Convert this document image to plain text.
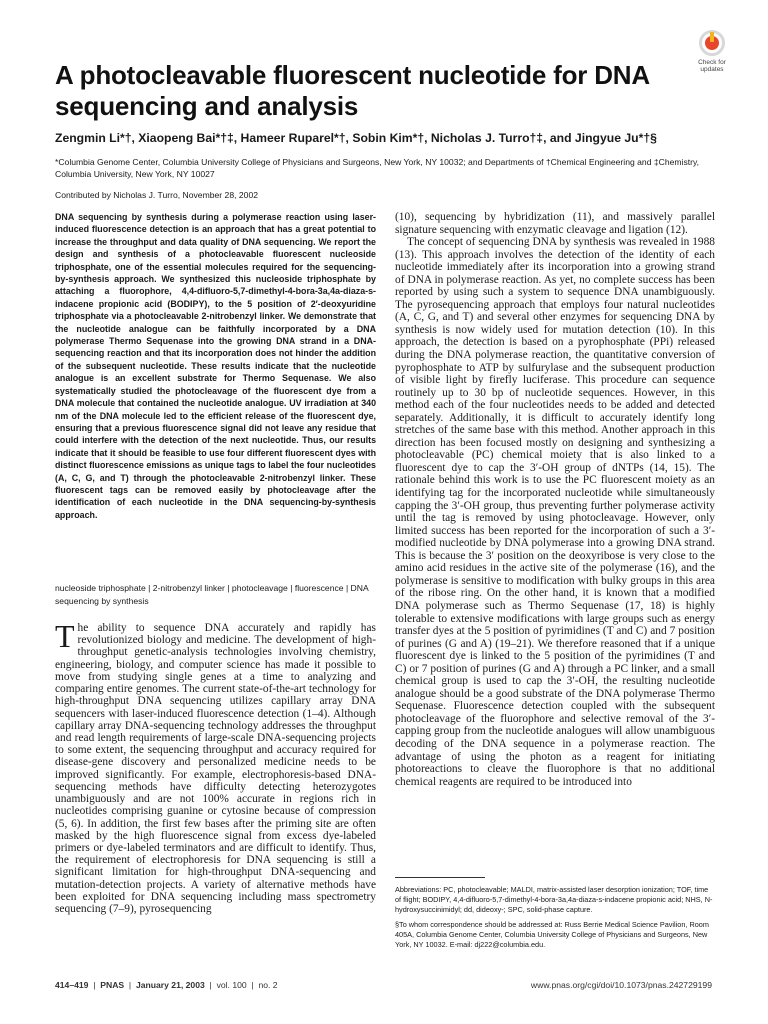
Check for updates
A photocleavable fluorescent nucleotide for DNA sequencing and analysis
Zengmin Li*†, Xiaopeng Bai*†‡, Hameer Ruparel*†, Sobin Kim*†, Nicholas J. Turro†‡, and Jingyue Ju*†§
*Columbia Genome Center, Columbia University College of Physicians and Surgeons, New York, NY 10032; and Departments of †Chemical Engineering and ‡Chemistry, Columbia University, New York, NY 10027
Contributed by Nicholas J. Turro, November 28, 2002

DNA sequencing by synthesis during a polymerase reaction using laser-induced fluorescence detection is an approach that has a great potential to increase the throughput and data quality of DNA sequencing. We report the design and synthesis of a photocleavable fluorescent nucleoside triphosphate, one of the essential molecules required for the sequencing-by-synthesis approach. We synthesized this nucleoside triphosphate by attaching a fluorophore, 4,4-difluoro-5,7-dimethyl-4-bora-3a,4a-diaza-s-indacene propionic acid (BODIPY), to the 5 position of 2′-deoxyuridine triphosphate via a photocleavable 2-nitrobenzyl linker. We demonstrate that the nucleotide analogue can be faithfully incorporated by a DNA polymerase Thermo Sequenase into the growing DNA strand in a DNA-sequencing reaction and that its incorporation does not hinder the addition of the subsequent nucleotide. These results indicate that the nucleotide analogue is an excellent substrate for Thermo Sequenase. We also systematically studied the photocleavage of the fluorescent dye from a DNA molecule that contained the nucleotide analogue. UV irradiation at 340 nm of the DNA molecule led to the efficient release of the fluorescent dye, ensuring that a previous fluorescence signal did not leave any residue that could interfere with the detection of the next nucleotide. Thus, our results indicate that it should be feasible to use four different fluorescent dyes with distinct fluorescence emissions as unique tags to label the four nucleotides (A, C, G, and T) through the photocleavable 2-nitrobenzyl linker. These fluorescent tags can be removed easily by photocleavage after the identification of each nucleotide in the DNA sequencing-by-synthesis approach.

nucleoside triphosphate | 2-nitrobenzyl linker | photocleavage | fluorescence | DNA sequencing by synthesis

The ability to sequence DNA accurately and rapidly has revolutionized biology and medicine. The development of high-throughput genetic-analysis technologies involving chemistry, engineering, biology, and computer science has made it possible to move from studying single genes at a time to analyzing and comparing entire genomes. The current state-of-the-art technology for high-throughput DNA sequencing utilizes capillary array DNA sequencers with laser-induced fluorescence detection (1–4). Although capillary array DNA-sequencing technology addresses the throughput and read length requirements of large-scale DNA-sequencing projects to some extent, the sequencing throughput and accuracy required for disease-gene discovery and personalized medicine needs to be improved significantly. For example, electrophoresis-based DNA-sequencing methods have difficulty detecting heterozygotes unambiguously and are not 100% accurate in regions rich in nucleotides comprising guanine or cytosine because of compression (5, 6). In addition, the first few bases after the priming site are often masked by the high fluorescence signal from excess dye-labeled primers or dye-labeled terminators and are difficult to identify. Thus, the requirement of electrophoresis for DNA sequencing is still a significant limitation for high-throughput DNA-sequencing and mutation-detection projects. A variety of alternative methods have been exploited for DNA sequencing including mass spectrometry sequencing (7–9), pyrosequencing

(10), sequencing by hybridization (11), and massively parallel signature sequencing with enzymatic cleavage and ligation (12).

The concept of sequencing DNA by synthesis was revealed in 1988 (13). This approach involves the detection of the identity of each nucleotide immediately after its incorporation into a growing strand of DNA in polymerase reaction. As yet, no complete success has been reported by using such a system to sequence DNA unambiguously. The pyrosequencing approach that employs four natural nucleotides (A, C, G, and T) and several other enzymes for sequencing DNA by synthesis is now widely used for mutation detection (10). In this approach, the detection is based on a pyrophosphate (PPi) released during the DNA polymerase reaction, the quantitative conversion of pyrophosphate to ATP by sulfurylase and the subsequent production of visible light by firefly luciferase. This procedure can sequence routinely up to 30 bp of nucleotide sequences. However, in this method each of the four nucleotides needs to be added and detected separately. Additionally, it is difficult to accurately identify long stretches of the same base with this method. Another approach in this direction has been focused mostly on designing and synthesizing a photocleavable (PC) chemical moiety that is also linked to a fluorescent dye to cap the 3′-OH group of dNTPs (14, 15). The rationale behind this work is to use the PC fluorescent moiety as an identifying tag for the incorporated nucleotide while simultaneously capping the 3′-OH group, thus preventing further polymerase activity until the tag is removed by using photocleavage. However, only limited success has been reported for the incorporation of such a 3′-modified nucleotide by DNA polymerase into a growing DNA strand. This is because the 3′ position on the deoxyribose is very close to the amino acid residues in the active site of the polymerase (16), and the polymerase is sensitive to modification with bulky groups in this area of the ribose ring. On the other hand, it is known that a modified DNA polymerase such as Thermo Sequenase (17, 18) is highly tolerable to extensive modifications with large groups such as energy transfer dyes at the 5 position of pyrimidines (T and C) and 7 position of purines (G and A) (19–21). We therefore reasoned that if a unique fluorescent dye is linked to the 5 position of the pyrimidines (T and C) or 7 position of purines (G and A) through a PC linker, and a small chemical group is used to cap the 3′-OH, the resulting nucleotide analogue should be a good substrate of the DNA polymerase Thermo Sequenase. Fluorescence detection coupled with the subsequent photocleavage of the fluorophore and selective removal of the 3′-capping group from the nucleotide analogues will allow unambiguous decoding of the DNA sequence in a polymerase reaction. The advantage of using the photon as a reagent for initiating photoreactions to cleave the fluorophore is that no additional chemical reagents are required to be introduced into

Abbreviations: PC, photocleavable; MALDI, matrix-assisted laser desorption ionization; TOF, time of flight; BODIPY, 4,4-difluoro-5,7-dimethyl-4-bora-3a,4a-diaza-s-indacene propionic acid; NHS, N-hydroxysuccinimidyl; dd, dideoxy-; SPC, solid-phase capture.

§To whom correspondence should be addressed at: Russ Berrie Medical Science Pavilion, Room 405A, Columbia Genome Center, Columbia University College of Physicians and Surgeons, New York, NY 10032. E-mail: dj222@columbia.edu.

414–419  |  PNAS  |  January 21, 2003  |  vol. 100  |  no. 2	www.pnas.org/cgi/doi/10.1073/pnas.242729199
